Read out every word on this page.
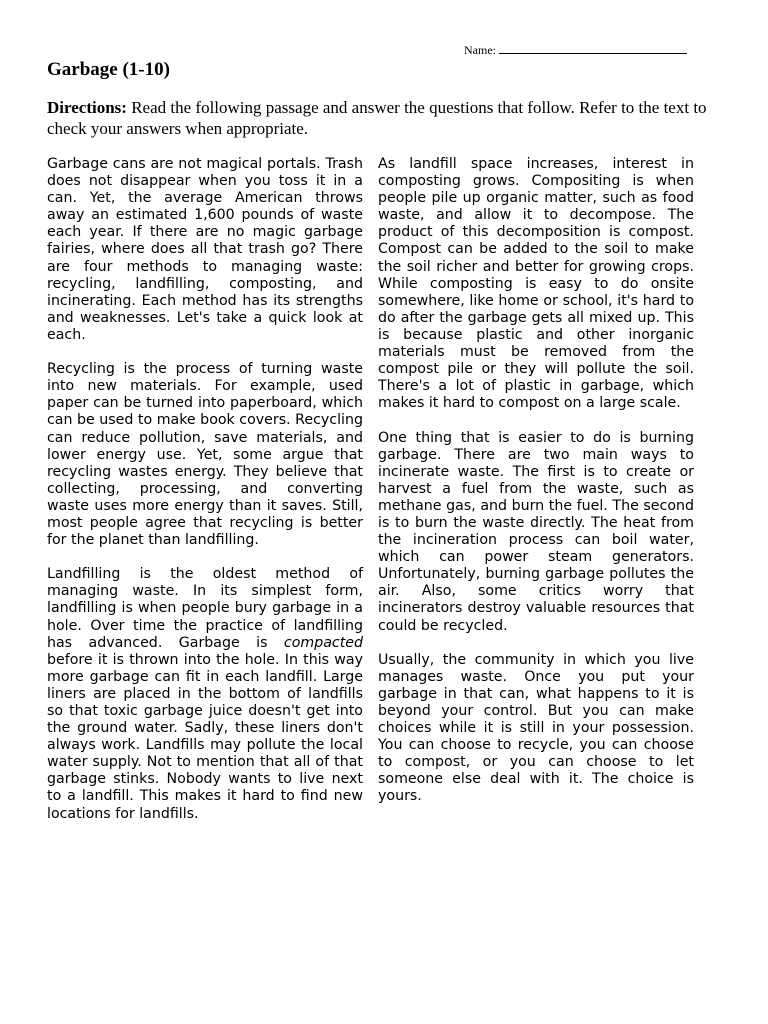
Name:
Garbage (1-10)

Directions: Read the following passage and answer the questions that follow. Refer to the text to check your answers when appropriate.

Garbage cans are not magical portals. Trash does not disappear when you toss it in a can. Yet, the average American throws away an estimated 1,600 pounds of waste each year. If there are no magic garbage fairies, where does all that trash go? There are four methods to managing waste: recycling, landfilling, composting, and incinerating. Each method has its strengths and weaknesses. Let's take a quick look at each.

Recycling is the process of turning waste into new materials. For example, used paper can be turned into paperboard, which can be used to make book covers. Recycling can reduce pollution, save materials, and lower energy use. Yet, some argue that recycling wastes energy. They believe that collecting, processing, and converting waste uses more energy than it saves. Still, most people agree that recycling is better for the planet than landfilling.

Landfilling is the oldest method of managing waste. In its simplest form, landfilling is when people bury garbage in a hole. Over time the practice of landfilling has advanced. Garbage is compacted before it is thrown into the hole. In this way more garbage can fit in each landfill. Large liners are placed in the bottom of landfills so that toxic garbage juice doesn't get into the ground water. Sadly, these liners don't always work. Landfills may pollute the local water supply. Not to mention that all of that garbage stinks. Nobody wants to live next to a landfill. This makes it hard to find new locations for landfills.

As landfill space increases, interest in composting grows. Compositing is when people pile up organic matter, such as food waste, and allow it to decompose. The product of this decomposition is compost. Compost can be added to the soil to make the soil richer and better for growing crops. While composting is easy to do onsite somewhere, like home or school, it's hard to do after the garbage gets all mixed up. This is because plastic and other inorganic materials must be removed from the compost pile or they will pollute the soil. There's a lot of plastic in garbage, which makes it hard to compost on a large scale.

One thing that is easier to do is burning garbage. There are two main ways to incinerate waste. The first is to create or harvest a fuel from the waste, such as methane gas, and burn the fuel. The second is to burn the waste directly. The heat from the incineration process can boil water, which can power steam generators. Unfortunately, burning garbage pollutes the air. Also, some critics worry that incinerators destroy valuable resources that could be recycled.

Usually, the community in which you live manages waste. Once you put your garbage in that can, what happens to it is beyond your control. But you can make choices while it is still in your possession. You can choose to recycle, you can choose to compost, or you can choose to let someone else deal with it. The choice is yours.
